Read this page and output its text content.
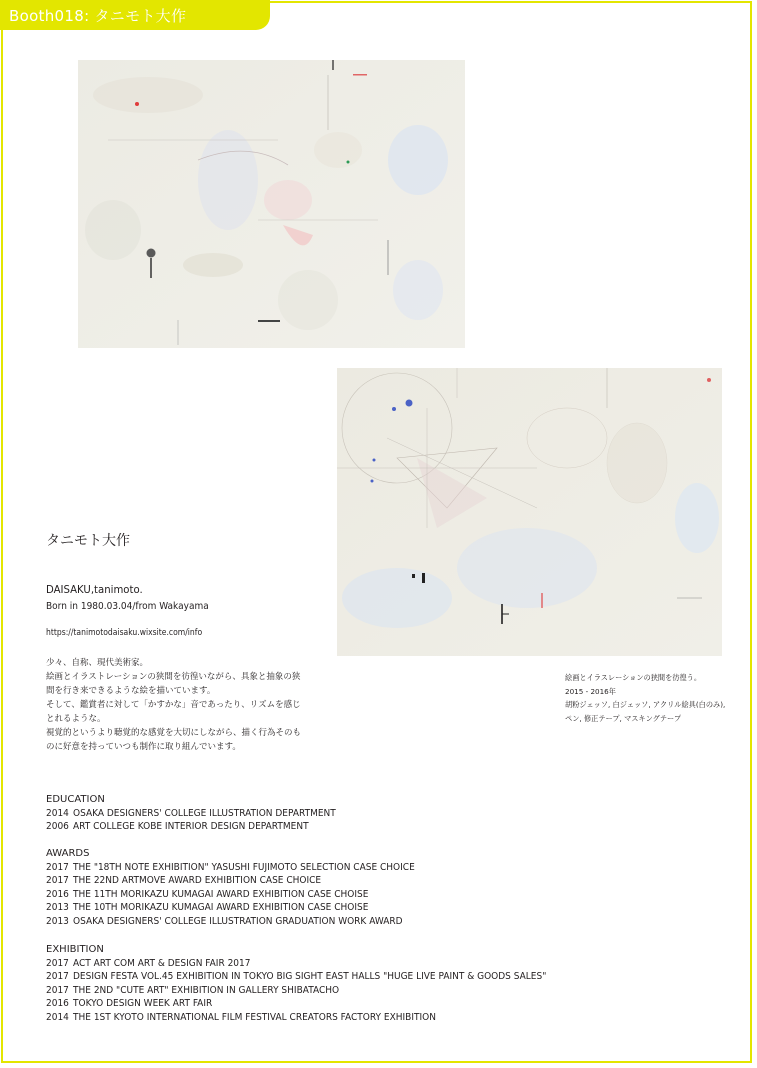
Booth018: タニモト大作
タニモト大作
DAISAKU,tanimoto.
Born in 1980.03.04/from Wakayama
https://tanimotodaisaku.wixsite.com/info
少々、自称、現代美術家。
絵画とイラストレーションの狭間を彷徨いながら、具象と抽象の狭
間を行き来できるような絵を描いています。
そして、鑑賞者に対して「かすかな」音であったり、リズムを感じ
とれるような。
視覚的というより聴覚的な感覚を大切にしながら、描く行為そのも
のに好意を持っていつも制作に取り組んでいます。
絵画とイラスレーションの狭間を彷徨う。
2015 - 2016年
胡粉ジェッソ, 白ジェッソ, アクリル絵具(白のみ),
ペン, 修正テープ, マスキングテープ
EDUCATION
2014 OSAKA DESIGNERS' COLLEGE ILLUSTRATION DEPARTMENT
2006 ART COLLEGE KOBE INTERIOR DESIGN DEPARTMENT
AWARDS
2017 THE "18TH NOTE EXHIBITION" YASUSHI FUJIMOTO SELECTION CASE CHOICE
2017 THE 22ND ARTMOVE AWARD EXHIBITION CASE CHOICE
2016 THE 11TH MORIKAZU KUMAGAI AWARD EXHIBITION CASE CHOISE
2013 THE 10TH MORIKAZU KUMAGAI AWARD EXHIBITION CASE CHOISE
2013 OSAKA DESIGNERS' COLLEGE ILLUSTRATION GRADUATION WORK AWARD
EXHIBITION
2017 ACT ART COM ART & DESIGN FAIR 2017
2017 DESIGN FESTA VOL.45 EXHIBITION IN TOKYO BIG SIGHT EAST HALLS "HUGE LIVE PAINT & GOODS SALES"
2017 THE 2ND "CUTE ART" EXHIBITION IN GALLERY SHIBATACHO
2016 TOKYO DESIGN WEEK ART FAIR
2014 THE 1ST KYOTO INTERNATIONAL FILM FESTIVAL CREATORS FACTORY EXHIBITION
